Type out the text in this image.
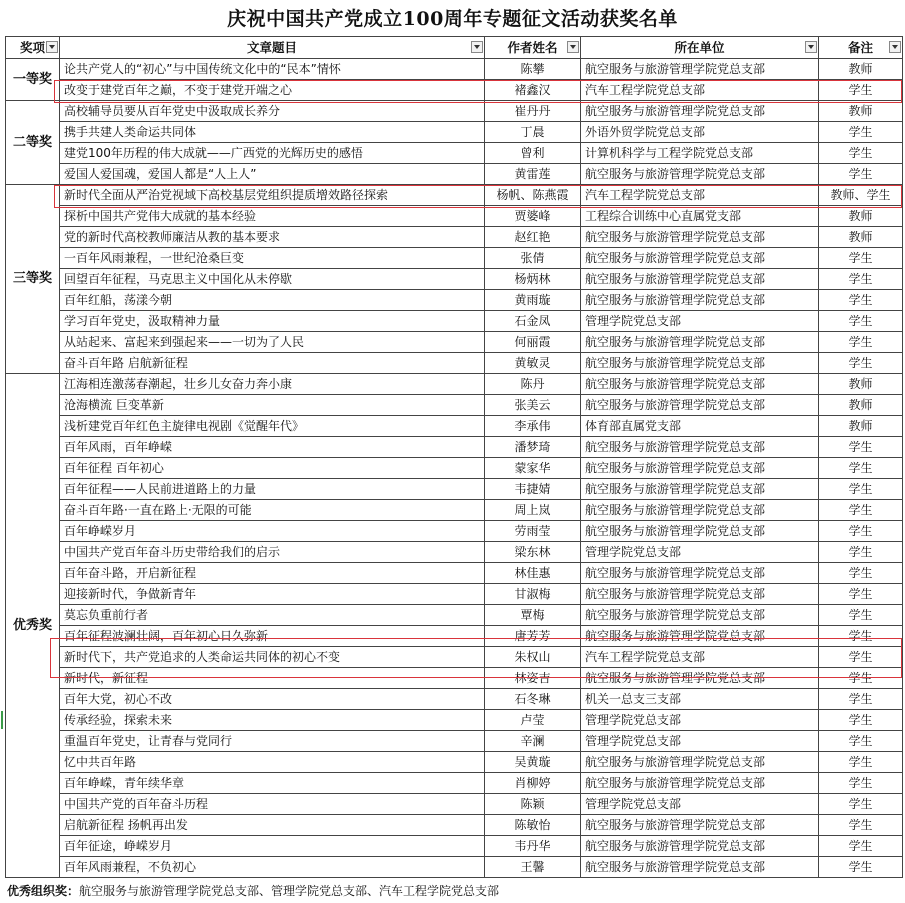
庆祝中国共产党成立100周年专题征文活动获奖名单
奖项	文章题目	作者姓名	所在单位	备注

一等奖	论共产党人的“初心”与中国传统文化中的“民本”情怀	陈攀	航空服务与旅游管理学院党总支部	教师
	改变于建党百年之巅，不变于建党开端之心	褚鑫汉	汽车工程学院党总支部	学生
二等奖	高校辅导员要从百年党史中汲取成长养分	崔丹丹	航空服务与旅游管理学院党总支部	教师
	携手共建人类命运共同体	丁晨	外语外贸学院党总支部	学生
	建党100年历程的伟大成就——广西党的光辉历史的感悟	曾利	计算机科学与工程学院党总支部	学生
	爱国人爱国魂，爱国人都是“人上人”	黄雷莲	航空服务与旅游管理学院党总支部	学生
三等奖	新时代全面从严治党视域下高校基层党组织提质增效路径探索	杨帆、陈燕霞	汽车工程学院党总支部	教师、学生
	探析中国共产党伟大成就的基本经验	贾婆峰	工程综合训练中心直属党支部	教师
	党的新时代高校教师廉洁从教的基本要求	赵红艳	航空服务与旅游管理学院党总支部	教师
	一百年风雨兼程，一世纪沧桑巨变	张倩	航空服务与旅游管理学院党总支部	学生
	回望百年征程，马克思主义中国化从未停歇	杨炳林	航空服务与旅游管理学院党总支部	学生
	百年红船，荡漾今朝	黄雨璇	航空服务与旅游管理学院党总支部	学生
	学习百年党史，汲取精神力量	石金凤	管理学院党总支部	学生
	从站起来、富起来到强起来——一切为了人民	何丽霞	航空服务与旅游管理学院党总支部	学生
	奋斗百年路 启航新征程	黄敏灵	航空服务与旅游管理学院党总支部	学生
优秀奖	江海相连激荡春潮起，壮乡儿女奋力奔小康	陈丹	航空服务与旅游管理学院党总支部	教师
	沧海横流 巨变革新	张美云	航空服务与旅游管理学院党总支部	教师
	浅析建党百年红色主旋律电视剧《觉醒年代》	李承伟	体育部直属党支部	教师
	百年风雨，百年峥嵘	潘梦琦	航空服务与旅游管理学院党总支部	学生
	百年征程 百年初心	蒙家华	航空服务与旅游管理学院党总支部	学生
	百年征程——人民前进道路上的力量	韦捷婧	航空服务与旅游管理学院党总支部	学生
	奋斗百年路·一直在路上·无限的可能	周上岚	航空服务与旅游管理学院党总支部	学生
	百年峥嵘岁月	劳雨莹	航空服务与旅游管理学院党总支部	学生
	中国共产党百年奋斗历史带给我们的启示	梁东林	管理学院党总支部	学生
	百年奋斗路，开启新征程	林佳惠	航空服务与旅游管理学院党总支部	学生
	迎接新时代，争做新青年	甘淑梅	航空服务与旅游管理学院党总支部	学生
	莫忘负重前行者	覃梅	航空服务与旅游管理学院党总支部	学生
	百年征程波澜壮阔，百年初心日久弥新	唐芳芳	航空服务与旅游管理学院党总支部	学生
	新时代下，共产党追求的人类命运共同体的初心不变	朱权山	汽车工程学院党总支部	学生
	新时代，新征程	林姿吉	航空服务与旅游管理学院党总支部	学生
	百年大党，初心不改	石冬琳	机关一总支三支部	学生
	传承经验，探索未来	卢莹	管理学院党总支部	学生
	重温百年党史，让青春与党同行	辛澜	管理学院党总支部	学生
	忆中共百年路	吴黄璇	航空服务与旅游管理学院党总支部	学生
	百年峥嵘，青年续华章	肖柳婷	航空服务与旅游管理学院党总支部	学生
	中国共产党的百年奋斗历程	陈颖	管理学院党总支部	学生
	启航新征程 扬帆再出发	陈敏怡	航空服务与旅游管理学院党总支部	学生
	百年征途，峥嵘岁月	韦丹华	航空服务与旅游管理学院党总支部	学生
	百年风雨兼程，不负初心	王馨	航空服务与旅游管理学院党总支部	学生
优秀组织奖：航空服务与旅游管理学院党总支部、管理学院党总支部、汽车工程学院党总支部
